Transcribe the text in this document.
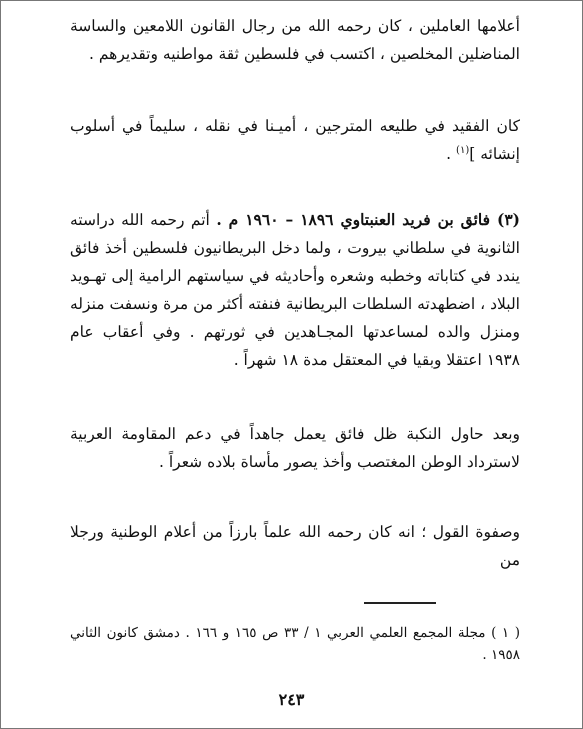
أعلامها العاملين ، كان رحمه الله من رجال القانون اللامعين والساسة المناضلين المخلصين ، اكتسب في فلسطين ثقة مواطنيه وتقديرهم .

كان الفقيد في طليعه المترجين ، أميـنا في نقله ، سليماً في أسلوب إنشائه ]$^{(١)}$ .

(٣) فائق بن فريد العنبتاوي ١٨٩٦ – ١٩٦٠ م . أتم رحمه الله دراسته الثانوية في سلطاني بيروت ، ولما دخل البريطانيون فلسطين أخذ فائق يندد في كتاباته وخطبه وشعره وأحاديثه في سياستهم الرامية إلى تهـويد البلاد ، اضطهدته السلطات البريطانية فنفته أكثر من مرة ونسفت منزله ومنزل والده لمساعدتها المجـاهدين في ثورتهم . وفي أعقاب عام ١٩٣٨ اعتقلا وبقيا في المعتقل مدة ١٨ شهراً .

وبعد حاول النكبة ظل فائق يعمل جاهداً في دعم المقاومة العربية لاسترداد الوطن المغتصب وأخذ يصور مأساة بلاده شعراً .

وصفوة القول ؛ انه كان رحمه الله علماً بارزاً من أعلام الوطنية ورجلا من

( ١ ) مجلة المجمع العلمي العربي ١ / ٣٣ ص ١٦٥ و ١٦٦ . دمشق كانون الثاني ١٩٥٨ .
٢٤٣
